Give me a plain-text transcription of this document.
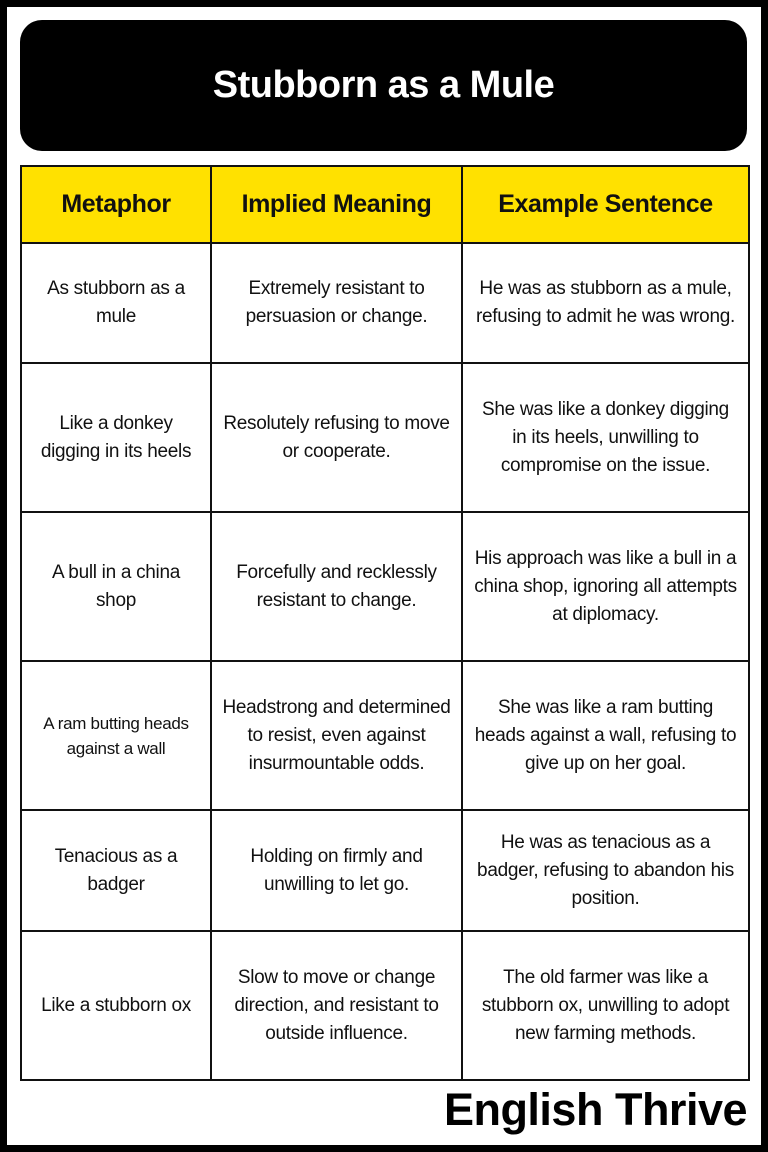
Stubborn as a Mule
Metaphor	Implied Meaning	Example Sentence
As stubborn as a mule	Extremely resistant to persuasion or change.	He was as stubborn as a mule, refusing to admit he was wrong.
Like a donkey digging in its heels	Resolutely refusing to move or cooperate.	She was like a donkey digging in its heels, unwilling to compromise on the issue.
A bull in a china shop	Forcefully and recklessly resistant to change.	His approach was like a bull in a china shop, ignoring all attempts at diplomacy.
A ram butting heads against a wall	Headstrong and determined to resist, even against insurmountable odds.	She was like a ram butting heads against a wall, refusing to give up on her goal.
Tenacious as a badger	Holding on firmly and unwilling to let go.	He was as tenacious as a badger, refusing to abandon his position.
Like a stubborn ox	Slow to move or change direction, and resistant to outside influence.	The old farmer was like a stubborn ox, unwilling to adopt new farming methods.
English Thrive
